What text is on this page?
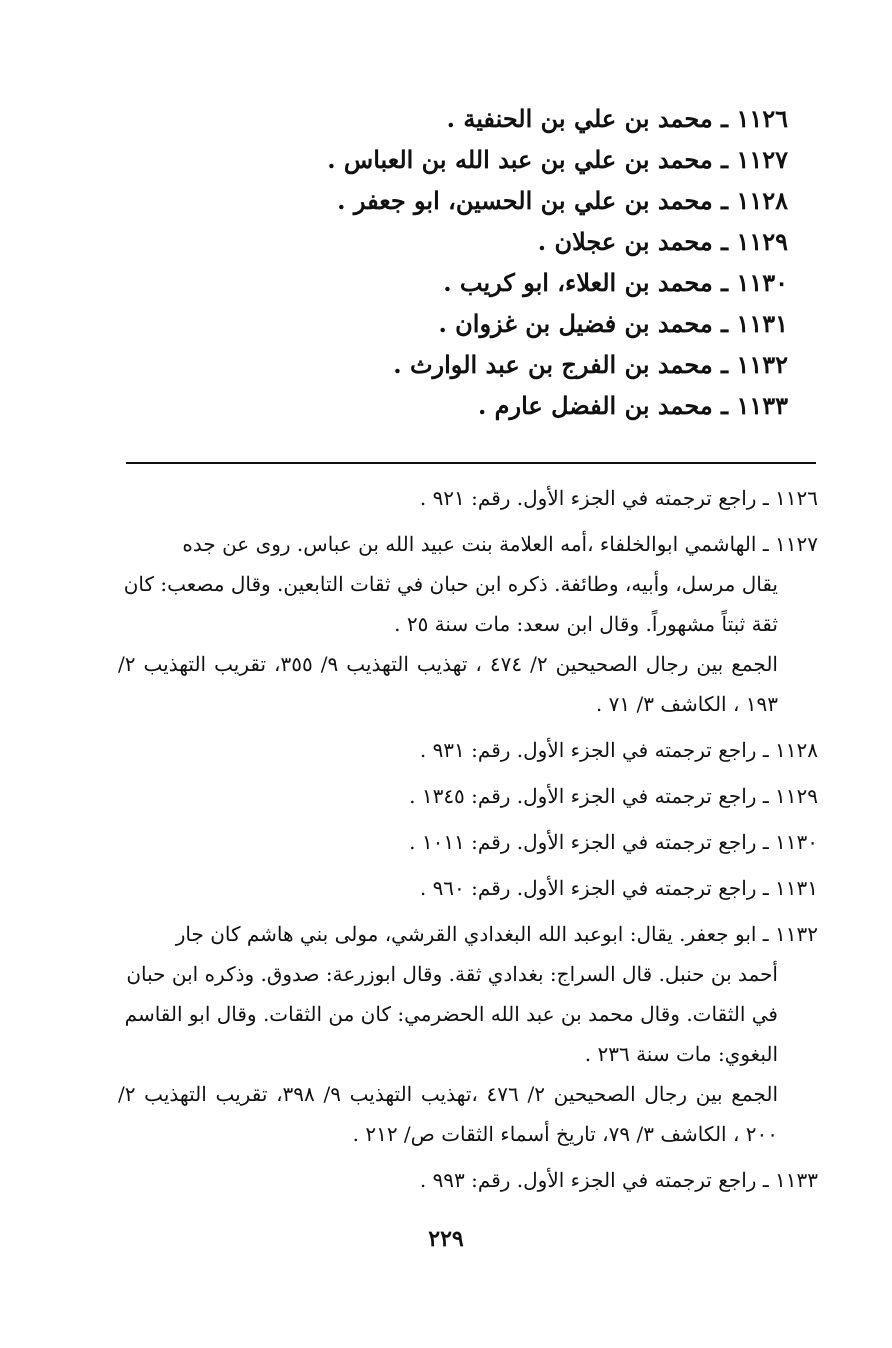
١١٢٦ ـ محمد بن علي بن الحنفية .
١١٢٧ ـ محمد بن علي بن عبد الله بن العباس .
١١٢٨ ـ محمد بن علي بن الحسين، ابو جعفر .
١١٢٩ ـ محمد بن عجلان .
١١٣٠ ـ محمد بن العلاء، ابو كريب .
١١٣١ ـ محمد بن فضيل بن غزوان .
١١٣٢ ـ محمد بن الفرج بن عبد الوارث .
١١٣٣ ـ محمد بن الفضل عارم .
١١٢٦ ـ راجع ترجمته في الجزء الأول. رقم: ٩٢١ .
١١٢٧ ـ الهاشمي ابوالخلفاء ،أمه العلامة بنت عبيد الله بن عباس. روى عن جده
يقال مرسل، وأبيه، وطائفة. ذكره ابن حبان في ثقات التابعين. وقال مصعب: كان ثقة ثبتاً مشهوراً. وقال ابن سعد: مات سنة ٢٥ .
الجمع بين رجال الصحيحين ٢/ ٤٧٤ ، تهذيب التهذيب ٩/ ٣٥٥، تقريب التهذيب ٢/ ١٩٣ ، الكاشف ٣/ ٧١ .
١١٢٨ ـ راجع ترجمته في الجزء الأول. رقم: ٩٣١ .
١١٢٩ ـ راجع ترجمته في الجزء الأول. رقم: ١٣٤٥ .
١١٣٠ ـ راجع ترجمته في الجزء الأول. رقم: ١٠١١ .
١١٣١ ـ راجع ترجمته في الجزء الأول. رقم: ٩٦٠ .
١١٣٢ ـ ابو جعفر. يقال: ابوعبد الله البغدادي القرشي، مولى بني هاشم كان جار
أحمد بن حنبل. قال السراج: بغدادي ثقة. وقال ابوزرعة: صدوق. وذكره ابن حبان في الثقات. وقال محمد بن عبد الله الحضرمي: كان من الثقات. وقال ابو القاسم البغوي: مات سنة ٢٣٦ .
الجمع بين رجال الصحيحين ٢/ ٤٧٦ ،تهذيب التهذيب ٩/ ٣٩٨، تقريب التهذيب ٢/ ٢٠٠ ، الكاشف ٣/ ٧٩، تاريخ أسماء الثقات ص/ ٢١٢ .
١١٣٣ ـ راجع ترجمته في الجزء الأول. رقم: ٩٩٣ .
٢٢٩
